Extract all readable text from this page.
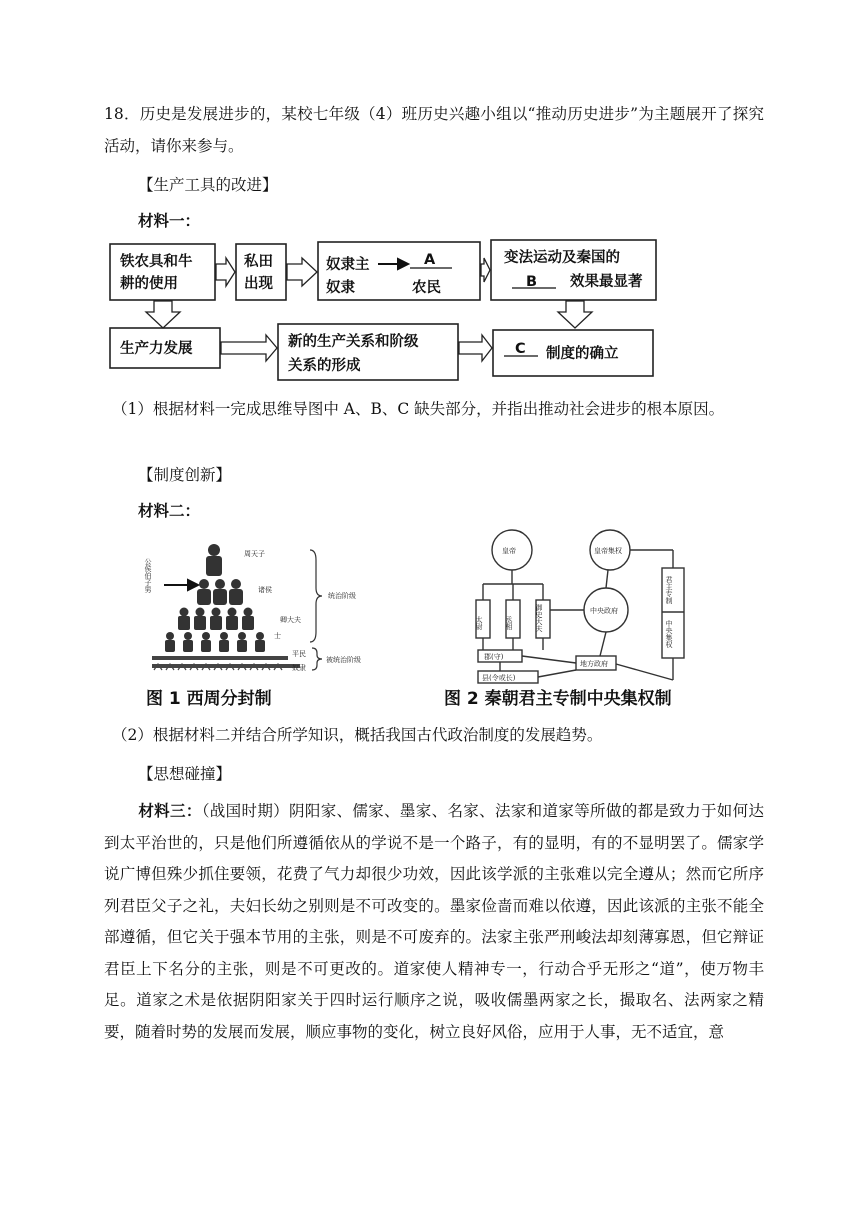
18．历史是发展进步的，某校七年级（4）班历史兴趣小组以“推动历史进步”为主题展开了探究活动，请你来参与。
【生产工具的改进】
材料一：
铁农具和牛
耕的使用
私田
出现
奴隶主	A
奴隶	农民
变法运动及秦国的
B 效果最显著
生产力发展	新的生产关系和阶级
关系的形成
C 制度的确立
（1）根据材料一完成思维导图中 A、B、C 缺失部分，并指出推动社会进步的根本原因。
【制度创新】
材料二：
公侯伯子男
周天子
诸侯
卿大夫
士
平民
奴隶
统治阶级
被统治阶级
图 1 西周分封制
皇帝	皇帝集权
太尉	丞相	御史大夫	中央政府
郡(守)
县(令或长)
地方政府
君主专制
中央集权
图 2 秦朝君主专制中央集权制
（2）根据材料二并结合所学知识，概括我国古代政治制度的发展趋势。
【思想碰撞】
材料三：（战国时期）阴阳家、儒家、墨家、名家、法家和道家等所做的都是致力于如何达到太平治世的，只是他们所遵循依从的学说不是一个路子，有的显明，有的不显明罢了。儒家学说广博但殊少抓住要领，花费了气力却很少功效，因此该学派的主张难以完全遵从；然而它所序列君臣父子之礼，夫妇长幼之别则是不可改变的。墨家俭啬而难以依遵，因此该派的主张不能全部遵循，但它关于强本节用的主张，则是不可废弃的。法家主张严刑峻法却刻薄寡恩，但它辩证君臣上下名分的主张，则是不可更改的。道家使人精神专一，行动合乎无形之“道”，使万物丰足。道家之术是依据阴阳家关于四时运行顺序之说，吸收儒墨两家之长，撮取名、法两家之精要，随着时势的发展而发展，顺应事物的变化，树立良好风俗，应用于人事，无不适宜，意
